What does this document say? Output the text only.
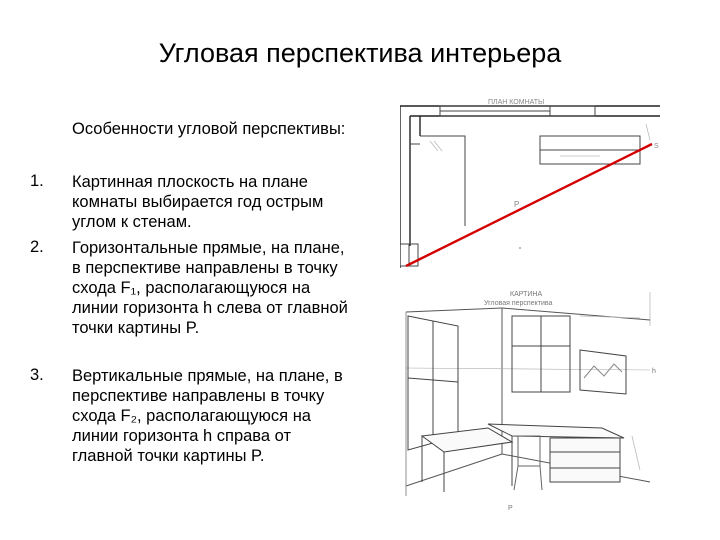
Угловая перспектива интерьера
Особенности угловой перспективы:
1. Картинная плоскость на плане комнаты выбирается год острым углом к стенам.
2. Горизонтальные прямые, на плане, в перспективе направлены в точку схода F₁, располагающуюся на линии горизонта h слева от главной точки картины P.
3. Вертикальные прямые, на плане, в перспективе направлены в точку схода F₂, располагающуюся на линии горизонта h справа от главной точки картины P.
ПЛАН КОМНАТЫ
P
S
КАРТИНА
Угловая перспектива
h
P
